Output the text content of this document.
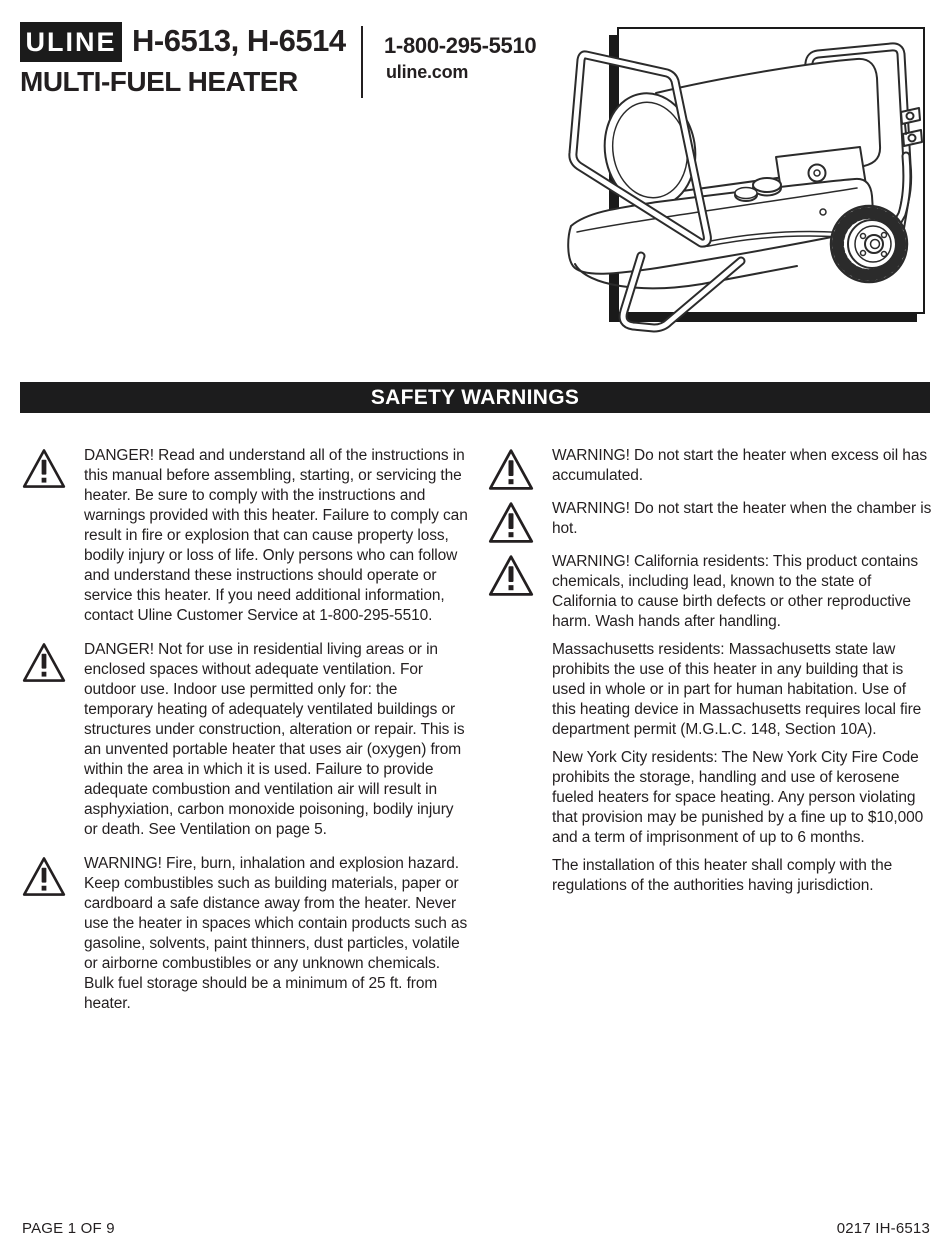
ULINE H-6513, H-6514
MULTI-FUEL HEATER
1-800-295-5510
uline.com
SAFETY WARNINGS

DANGER! Read and understand all of the instructions in this manual before assembling, starting, or servicing the heater. Be sure to comply with the instructions and warnings provided with this heater. Failure to comply can result in fire or explosion that can cause property loss, bodily injury or loss of life. Only persons who can follow and understand these instructions should operate or service this heater. If you need additional information, contact Uline Customer Service at 1-800-295-5510.

DANGER! Not for use in residential living areas or in enclosed spaces without adequate ventilation. For outdoor use. Indoor use permitted only for: the temporary heating of adequately ventilated buildings or structures under construction, alteration or repair. This is an unvented portable heater that uses air (oxygen) from within the area in which it is used. Failure to provide adequate combustion and ventilation air will result in asphyxiation, carbon monoxide poisoning, bodily injury or death. See Ventilation on page 5.

WARNING! Fire, burn, inhalation and explosion hazard. Keep combustibles such as building materials, paper or cardboard a safe distance away from the heater. Never use the heater in spaces which contain products such as gasoline, solvents, paint thinners, dust particles, volatile or airborne combustibles or any unknown chemicals. Bulk fuel storage should be a minimum of 25 ft. from heater.

WARNING! Do not start the heater when excess oil has accumulated.

WARNING! Do not start the heater when the chamber is hot.

WARNING! California residents: This product contains chemicals, including lead, known to the state of California to cause birth defects or other reproductive harm. Wash hands after handling.

Massachusetts residents: Massachusetts state law prohibits the use of this heater in any building that is used in whole or in part for human habitation. Use of this heating device in Massachusetts requires local fire department permit (M.G.L.C. 148, Section 10A).

New York City residents: The New York City Fire Code prohibits the storage, handling and use of kerosene fueled heaters for space heating. Any person violating that provision may be punished by a fine up to $10,000 and a term of imprisonment of up to 6 months.

The installation of this heater shall comply with the regulations of the authorities having jurisdiction.

PAGE 1 OF 9	0217 IH-6513
